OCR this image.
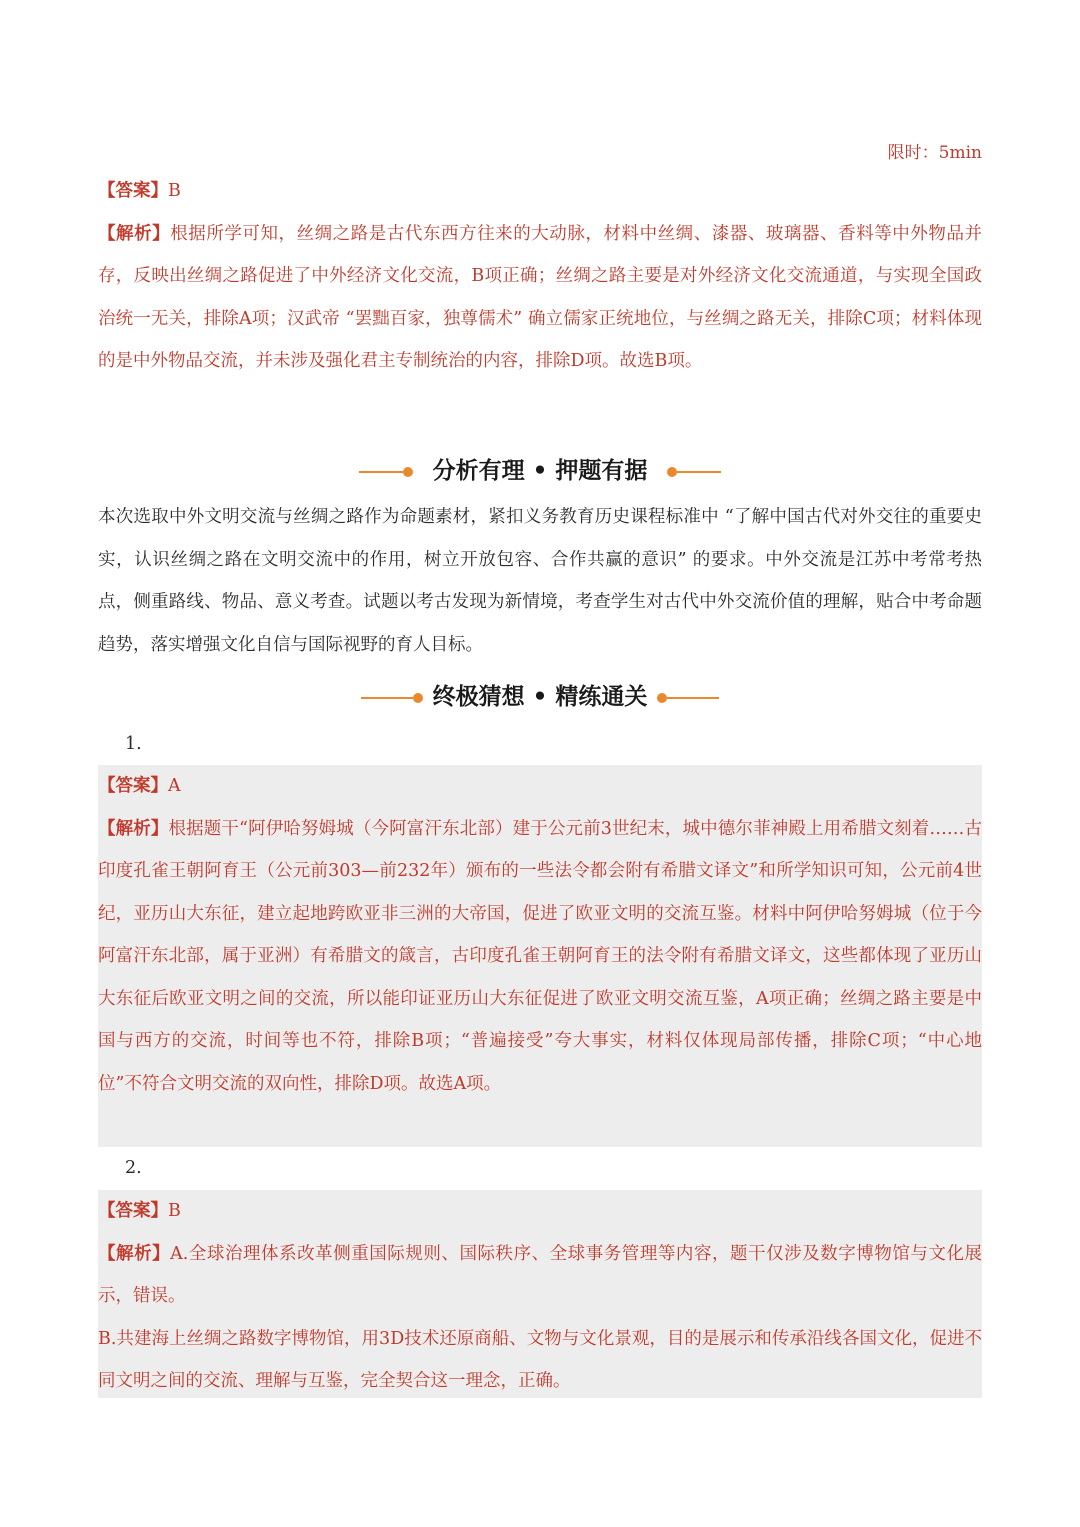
限时：5min

【答案】B

【解析】根据所学可知，丝绸之路是古代东西方往来的大动脉，材料中丝绸、漆器、玻璃器、香料等中外物品并存，反映出丝绸之路促进了中外经济文化交流，B项正确；丝绸之路主要是对外经济文化交流通道，与实现全国政治统一无关，排除A项；汉武帝 “罢黜百家，独尊儒术” 确立儒家正统地位，与丝绸之路无关，排除C项；材料体现的是中外物品交流，并未涉及强化君主专制统治的内容，排除D项。故选B项。

分析有理 • 押题有据

本次选取中外文明交流与丝绸之路作为命题素材，紧扣义务教育历史课程标准中 “了解中国古代对外交往的重要史实，认识丝绸之路在文明交流中的作用，树立开放包容、合作共赢的意识” 的要求。中外交流是江苏中考常考热点，侧重路线、物品、意义考查。试题以考古发现为新情境，考查学生对古代中外交流价值的理解，贴合中考命题趋势，落实增强文化自信与国际视野的育人目标。

终极猜想 • 精练通关
1.

【答案】A

【解析】根据题干“阿伊哈努姆城（今阿富汗东北部）建于公元前3世纪末，城中德尔菲神殿上用希腊文刻着……古印度孔雀王朝阿育王（公元前303—前232年）颁布的一些法令都会附有希腊文译文”和所学知识可知，公元前4世纪，亚历山大东征，建立起地跨欧亚非三洲的大帝国，促进了欧亚文明的交流互鉴。材料中阿伊哈努姆城（位于今阿富汗东北部，属于亚洲）有希腊文的箴言，古印度孔雀王朝阿育王的法令附有希腊文译文，这些都体现了亚历山大东征后欧亚文明之间的交流，所以能印证亚历山大东征促进了欧亚文明交流互鉴，A项正确；丝绸之路主要是中国与西方的交流，时间等也不符，排除B项；“普遍接受”夸大事实，材料仅体现局部传播，排除C项；“中心地位”不符合文明交流的双向性，排除D项。故选A项。

2.

【答案】B

【解析】A.全球治理体系改革侧重国际规则、国际秩序、全球事务管理等内容，题干仅涉及数字博物馆与文化展示，错误。

B.共建海上丝绸之路数字博物馆，用3D技术还原商船、文物与文化景观，目的是展示和传承沿线各国文化，促进不同文明之间的交流、理解与互鉴，完全契合这一理念，正确。
